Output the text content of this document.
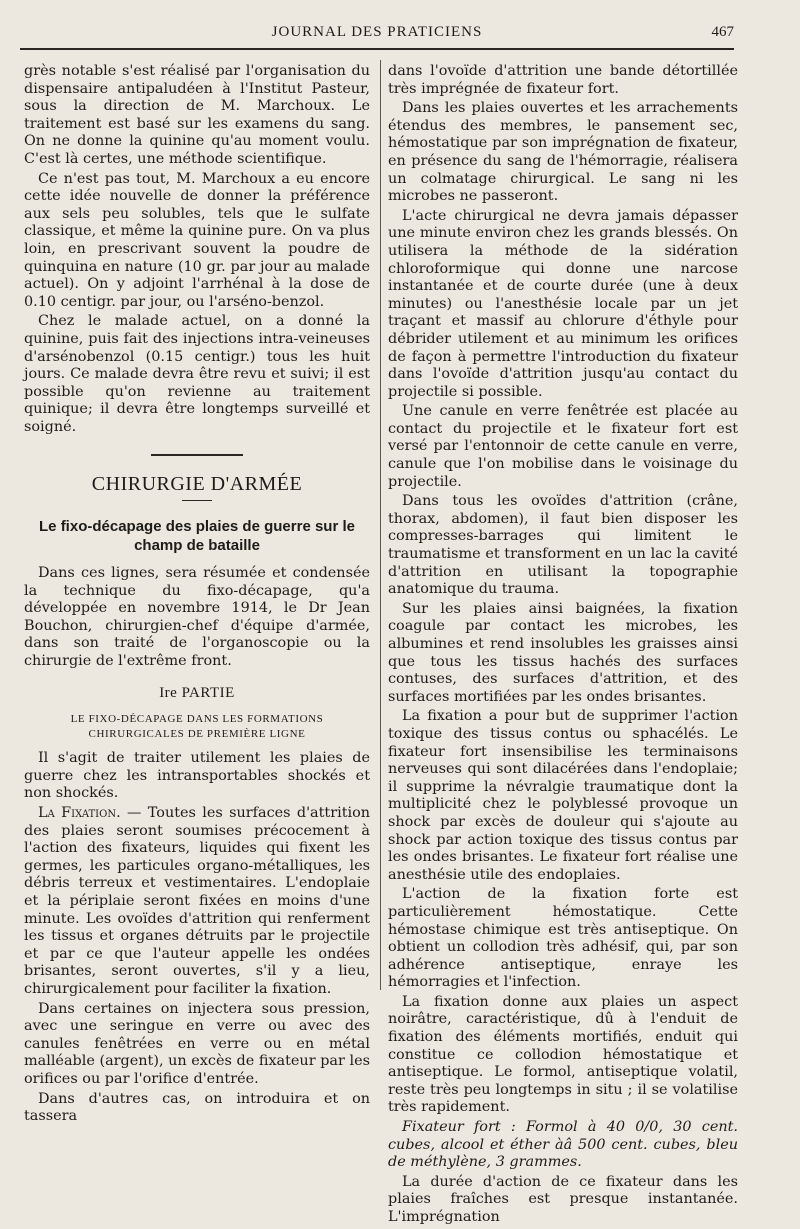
JOURNAL DES PRATICIENS	467

grès notable s'est réalisé par l'organisation du dispensaire antipaludéen à l'Institut Pasteur, sous la direction de M. Marchoux. Le traitement est basé sur les examens du sang. On ne donne la quinine qu'au moment voulu. C'est là certes, une méthode scientifique.

Ce n'est pas tout, M. Marchoux a eu encore cette idée nouvelle de donner la préférence aux sels peu solubles, tels que le sulfate classique, et même la quinine pure. On va plus loin, en prescrivant souvent la poudre de quinquina en nature (10 gr. par jour au malade actuel). On y adjoint l'arrhénal à la dose de 0.10 centigr. par jour, ou l'arséno-benzol.

Chez le malade actuel, on a donné la quinine, puis fait des injections intra-veineuses d'arsénobenzol (0.15 centigr.) tous les huit jours. Ce malade devra être revu et suivi; il est possible qu'on revienne au traitement quinique; il devra être longtemps surveillé et soigné.

CHIRURGIE D'ARMÉE
Le fixo-décapage des plaies de guerre sur le champ de bataille

Dans ces lignes, sera résumée et condensée la technique du fixo-décapage, qu'a développée en novembre 1914, le Dr Jean Bouchon, chirurgien-chef d'équipe d'armée, dans son traité de l'organoscopie ou la chirurgie de l'extrême front.

Ire PARTIE
LE FIXO-DÉCAPAGE DANS LES FORMATIONS CHIRURGICALES DE PREMIÈRE LIGNE

Il s'agit de traiter utilement les plaies de guerre chez les intransportables shockés et non shockés.

La Fixation. — Toutes les surfaces d'attrition des plaies seront soumises précocement à l'action des fixateurs, liquides qui fixent les germes, les particules organo-métalliques, les débris terreux et vestimentaires. L'endoplaie et la périplaie seront fixées en moins d'une minute. Les ovoïdes d'attrition qui renferment les tissus et organes détruits par le projectile et par ce que l'auteur appelle les ondées brisantes, seront ouvertes, s'il y a lieu, chirurgicalement pour faciliter la fixation.

Dans certaines on injectera sous pression, avec une seringue en verre ou avec des canules fenêtrées en verre ou en métal malléable (argent), un excès de fixateur par les orifices ou par l'orifice d'entrée.

Dans d'autres cas, on introduira et on tassera

dans l'ovoïde d'attrition une bande détortillée très imprégnée de fixateur fort.

Dans les plaies ouvertes et les arrachements étendus des membres, le pansement sec, hémostatique par son imprégnation de fixateur, en présence du sang de l'hémorragie, réalisera un colmatage chirurgical. Le sang ni les microbes ne passeront.

L'acte chirurgical ne devra jamais dépasser une minute environ chez les grands blessés. On utilisera la méthode de la sidération chloroformique qui donne une narcose instantanée et de courte durée (une à deux minutes) ou l'anesthésie locale par un jet traçant et massif au chlorure d'éthyle pour débrider utilement et au minimum les orifices de façon à permettre l'introduction du fixateur dans l'ovoïde d'attrition jusqu'au contact du projectile si possible.

Une canule en verre fenêtrée est placée au contact du projectile et le fixateur fort est versé par l'entonnoir de cette canule en verre, canule que l'on mobilise dans le voisinage du projectile.

Dans tous les ovoïdes d'attrition (crâne, thorax, abdomen), il faut bien disposer les compresses-barrages qui limitent le traumatisme et transforment en un lac la cavité d'attrition en utilisant la topographie anatomique du trauma.

Sur les plaies ainsi baignées, la fixation coagule par contact les microbes, les albumines et rend insolubles les graisses ainsi que tous les tissus hachés des surfaces contuses, des surfaces d'attrition, et des surfaces mortifiées par les ondes brisantes.

La fixation a pour but de supprimer l'action toxique des tissus contus ou sphacélés. Le fixateur fort insensibilise les terminaisons nerveuses qui sont dilacérées dans l'endoplaie; il supprime la névralgie traumatique dont la multiplicité chez le polyblessé provoque un shock par excès de douleur qui s'ajoute au shock par action toxique des tissus contus par les ondes brisantes. Le fixateur fort réalise une anesthésie utile des endoplaies.

L'action de la fixation forte est particulièrement hémostatique. Cette hémostase chimique est très antiseptique. On obtient un collodion très adhésif, qui, par son adhérence antiseptique, enraye les hémorragies et l'infection.

La fixation donne aux plaies un aspect noirâtre, caractéristique, dû à l'enduit de fixation des éléments mortifiés, enduit qui constitue ce collodion hémostatique et antiseptique. Le formol, antiseptique volatil, reste très peu longtemps in situ ; il se volatilise très rapidement.

Fixateur fort : Formol à 40 0/0, 30 cent. cubes, alcool et éther àâ 500 cent. cubes, bleu de méthylène, 3 grammes.

La durée d'action de ce fixateur dans les plaies fraîches est presque instantanée. L'imprégnation
